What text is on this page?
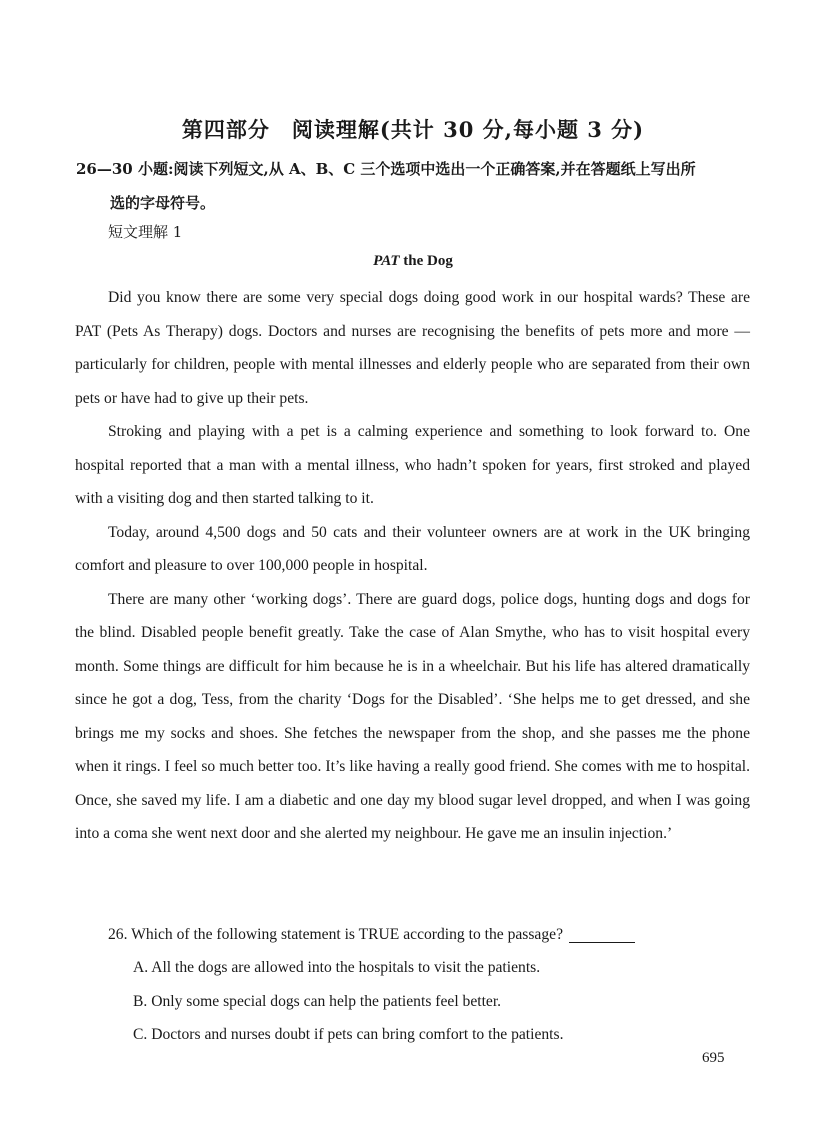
第四部分　阅读理解(共计 30 分,每小题 3 分)
26—30 小题:阅读下列短文,从 A、B、C 三个选项中选出一个正确答案,并在答题纸上写出所
选的字母符号。
短文理解 1
PAT the Dog

Did you know there are some very special dogs doing good work in our hospital wards? These are PAT (Pets As Therapy) dogs. Doctors and nurses are recognising the benefits of pets more and more — particularly for children, people with mental illnesses and elderly people who are separated from their own pets or have had to give up their pets.

Stroking and playing with a pet is a calming experience and something to look forward to. One hospital reported that a man with a mental illness, who hadn’t spoken for years, first stroked and played with a visiting dog and then started talking to it.

Today, around 4,500 dogs and 50 cats and their volunteer owners are at work in the UK bringing comfort and pleasure to over 100,000 people in hospital.

There are many other ‘working dogs’. There are guard dogs, police dogs, hunting dogs and dogs for the blind. Disabled people benefit greatly. Take the case of Alan Smythe, who has to visit hospital every month. Some things are difficult for him because he is in a wheelchair. But his life has altered dramatically since he got a dog, Tess, from the charity ‘Dogs for the Disabled’. ‘She helps me to get dressed, and she brings me my socks and shoes. She fetches the newspaper from the shop, and she passes me the phone when it rings. I feel so much better too. It’s like having a really good friend. She comes with me to hospital. Once, she saved my life. I am a diabetic and one day my blood sugar level dropped, and when I was going into a coma she went next door and she alerted my neighbour. He gave me an insulin injection.’

26. Which of the following statement is TRUE according to the passage?
A. All the dogs are allowed into the hospitals to visit the patients.
B. Only some special dogs can help the patients feel better.
C. Doctors and nurses doubt if pets can bring comfort to the patients.
695
